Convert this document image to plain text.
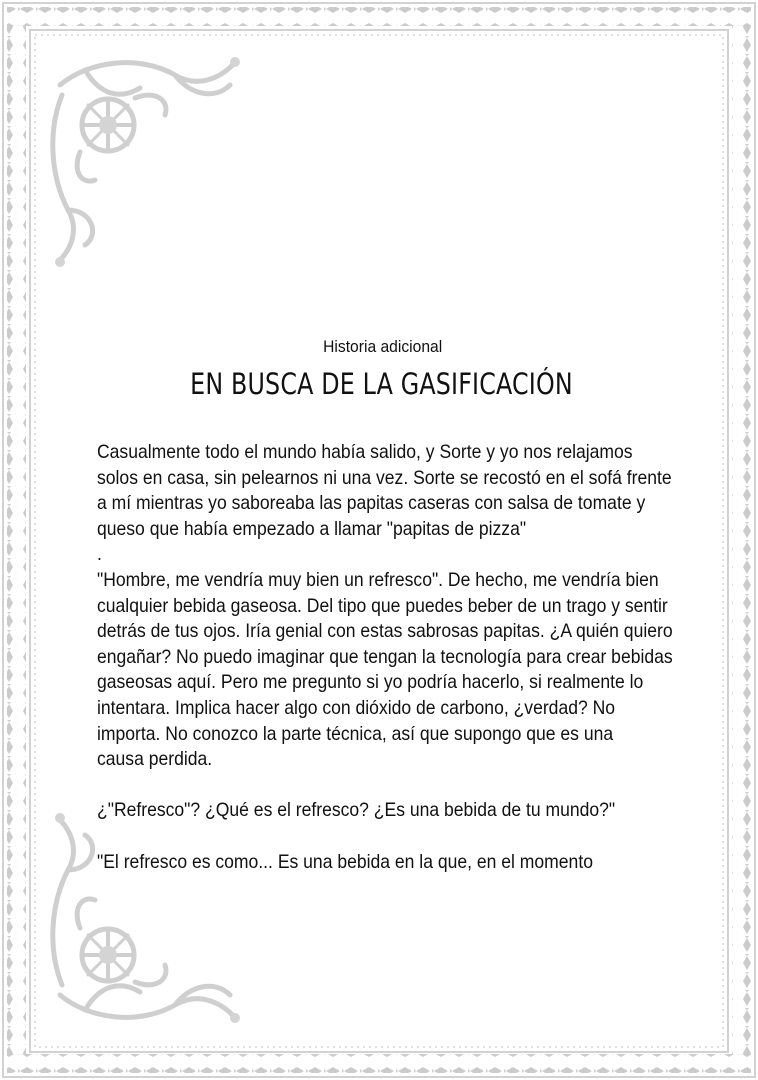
Historia adicional
EN BUSCA DE LA GASIFICACIÓN

Casualmente todo el mundo había salido, y Sorte y yo nos relajamos

solos en casa, sin pelearnos ni una vez. Sorte se recostó en el sofá frente

a mí mientras yo saboreaba las papitas caseras con salsa de tomate y

queso que había empezado a llamar "papitas de pizza"

.

"Hombre, me vendría muy bien un refresco". De hecho, me vendría bien

cualquier bebida gaseosa. Del tipo que puedes beber de un trago y sentir

detrás de tus ojos. Iría genial con estas sabrosas papitas. ¿A quién quiero

engañar? No puedo imaginar que tengan la tecnología para crear bebidas

gaseosas aquí. Pero me pregunto si yo podría hacerlo, si realmente lo

intentara. Implica hacer algo con dióxido de carbono, ¿verdad? No

importa. No conozco la parte técnica, así que supongo que es una

causa perdida.

¿"Refresco"? ¿Qué es el refresco? ¿Es una bebida de tu mundo?"

"El refresco es como... Es una bebida en la que, en el momento
